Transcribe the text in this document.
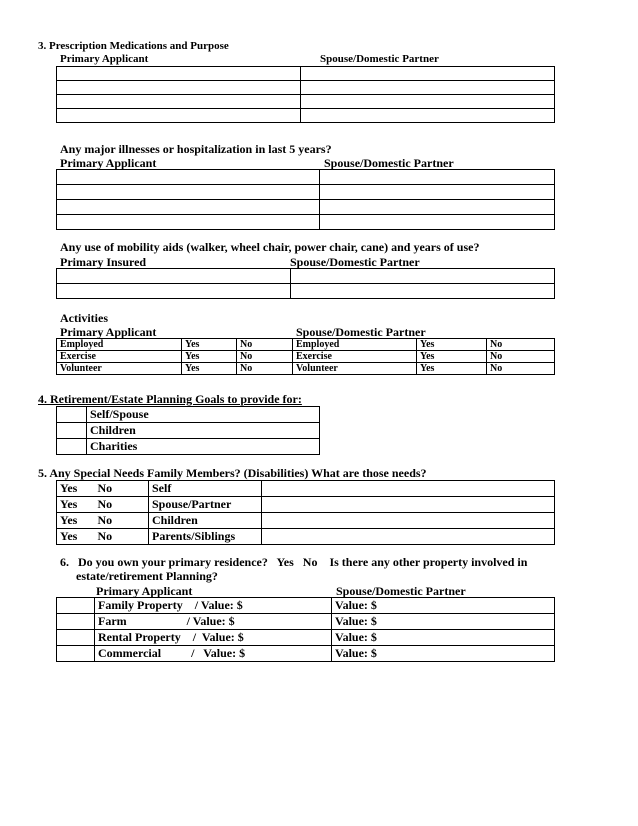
3. Prescription Medications and Purpose
Primary Applicant	Spouse/Domestic Partner

Any major illnesses or hospitalization in last 5 years?
Primary Applicant	Spouse/Domestic Partner

Any use of mobility aids (walker, wheel chair, power chair, cane) and years of use?
Primary Insured	Spouse/Domestic Partner

Activities
Primary Applicant	Spouse/Domestic Partner
Employed	Yes	No	Employed	Yes	No
Exercise	Yes	No	Exercise	Yes	No
Volunteer	Yes	No	Volunteer	Yes	No
4. Retirement/Estate Planning Goals to provide for:
	Self/Spouse
	Children
	Charities
5. Any Special Needs Family Members? (Disabilities) What are those needs?
Yes	No	Self	
Yes	No	Spouse/Partner	
Yes	No	Children	
Yes	No	Parents/Siblings	
6.   Do you own your primary residence?   Yes   No    Is there any other property involved in
estate/retirement Planning?
Primary Applicant	Spouse/Domestic Partner
	Family Property    / Value: $	Value: $
	Farm                    / Value: $	Value: $
	Rental Property    /  Value: $	Value: $
	Commercial          /   Value: $	Value: $
